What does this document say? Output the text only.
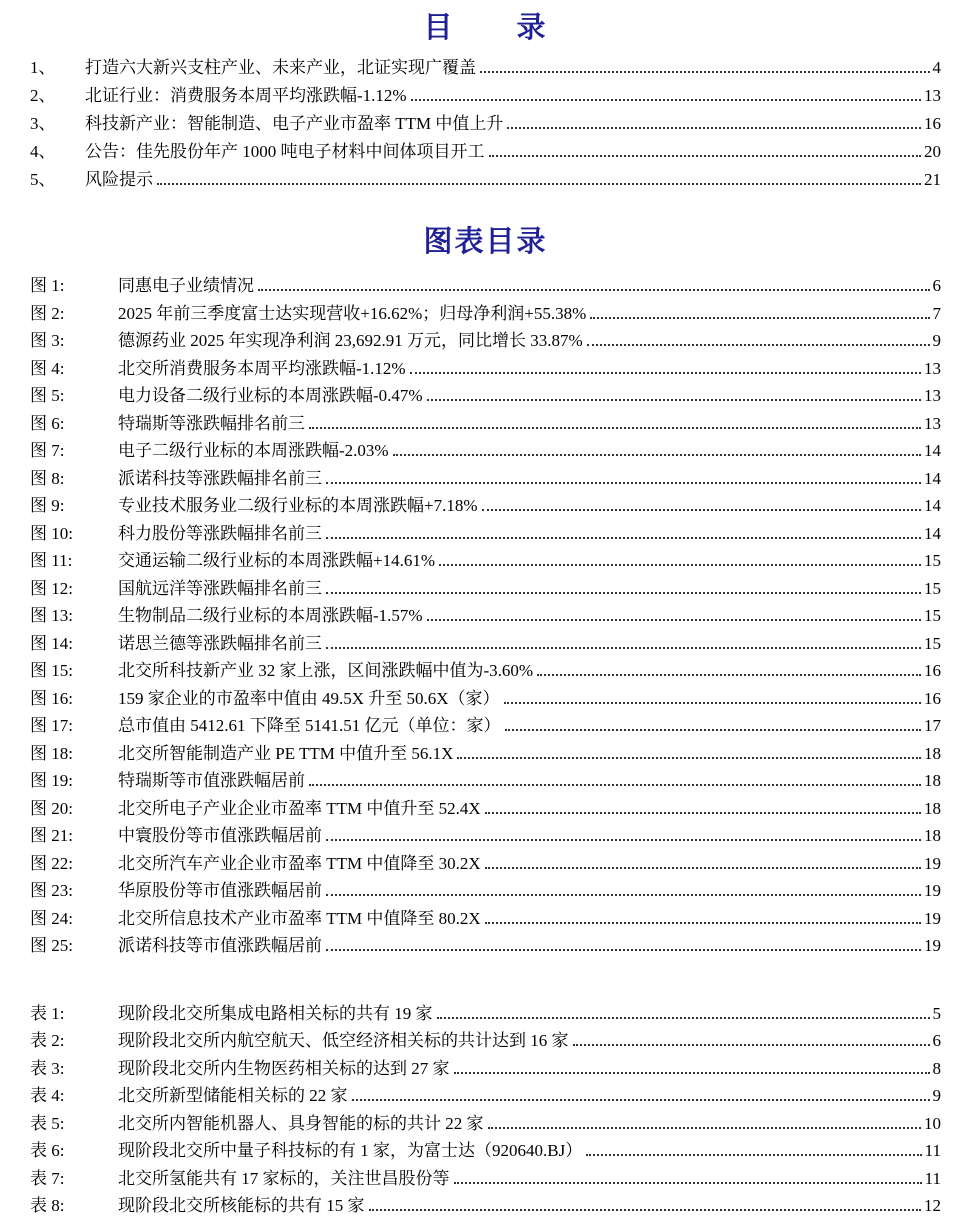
目　　录
1、	打造六大新兴支柱产业、未来产业，北证实现广覆盖	4
2、	北证行业：消费服务本周平均涨跌幅-1.12%	13
3、	科技新产业：智能制造、电子产业市盈率 TTM 中值上升	16
4、	公告：佳先股份年产 1000 吨电子材料中间体项目开工	20
5、	风险提示	21
图表目录
图 1:	同惠电子业绩情况	6
图 2:	2025 年前三季度富士达实现营收+16.62%；归母净利润+55.38%	7
图 3:	德源药业 2025 年实现净利润 23,692.91 万元，同比增长 33.87%	9
图 4:	北交所消费服务本周平均涨跌幅-1.12%	13
图 5:	电力设备二级行业标的本周涨跌幅-0.47%	13
图 6:	特瑞斯等涨跌幅排名前三	13
图 7:	电子二级行业标的本周涨跌幅-2.03%	14
图 8:	派诺科技等涨跌幅排名前三	14
图 9:	专业技术服务业二级行业标的本周涨跌幅+7.18%	14
图 10:	科力股份等涨跌幅排名前三	14
图 11:	交通运输二级行业标的本周涨跌幅+14.61%	15
图 12:	国航远洋等涨跌幅排名前三	15
图 13:	生物制品二级行业标的本周涨跌幅-1.57%	15
图 14:	诺思兰德等涨跌幅排名前三	15
图 15:	北交所科技新产业 32 家上涨，区间涨跌幅中值为-3.60%	16
图 16:	159 家企业的市盈率中值由 49.5X 升至 50.6X（家）	16
图 17:	总市值由 5412.61 下降至 5141.51 亿元（单位：家）	17
图 18:	北交所智能制造产业 PE TTM 中值升至 56.1X	18
图 19:	特瑞斯等市值涨跌幅居前	18
图 20:	北交所电子产业企业市盈率 TTM 中值升至 52.4X	18
图 21:	中寰股份等市值涨跌幅居前	18
图 22:	北交所汽车产业企业市盈率 TTM 中值降至 30.2X	19
图 23:	华原股份等市值涨跌幅居前	19
图 24:	北交所信息技术产业市盈率 TTM 中值降至 80.2X	19
图 25:	派诺科技等市值涨跌幅居前	19
表 1:	现阶段北交所集成电路相关标的共有 19 家	5
表 2:	现阶段北交所内航空航天、低空经济相关标的共计达到 16 家	6
表 3:	现阶段北交所内生物医药相关标的达到 27 家	8
表 4:	北交所新型储能相关标的 22 家	9
表 5:	北交所内智能机器人、具身智能的标的共计 22 家	10
表 6:	现阶段北交所中量子科技标的有 1 家，为富士达（920640.BJ）	11
表 7:	北交所氢能共有 17 家标的，关注世昌股份等	11
表 8:	现阶段北交所核能标的共有 15 家	12
